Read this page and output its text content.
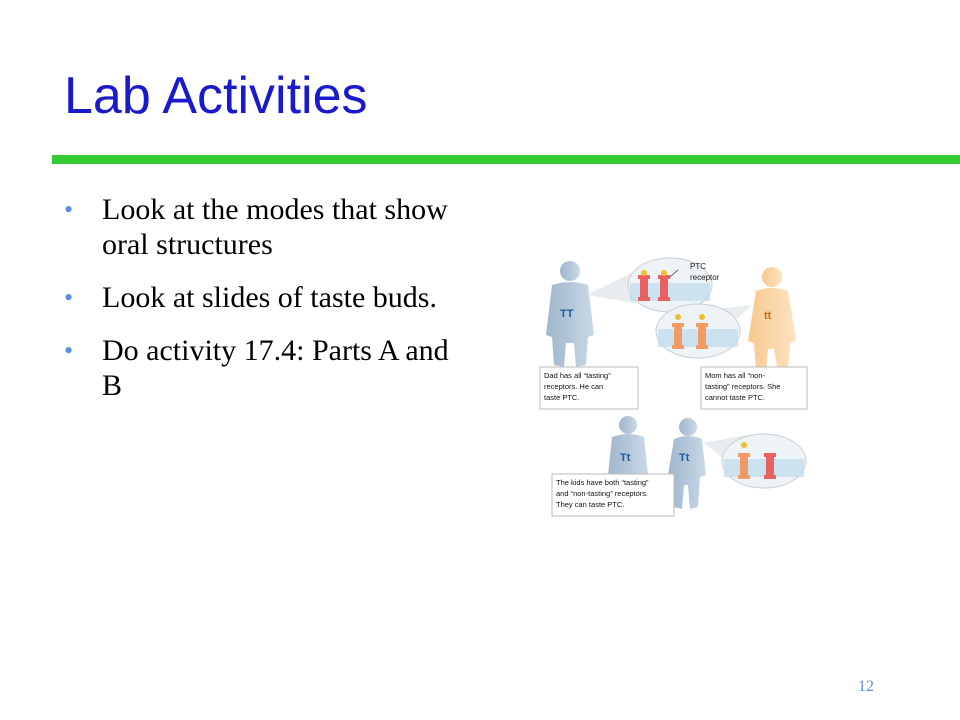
Lab Activities
• Look at the modes that show oral structures
• Look at slides of taste buds.
• Do activity 17.4: Parts A and B
PTC
receptor
TT	tt
Dad has all “tasting”
receptors. He can
taste PTC.
Mom has all “non-
tasting” receptors. She
cannot taste PTC.
Tt	Tt
The kids have both “tasting”
and “non-tasting” receptors.
They can taste PTC.
12
